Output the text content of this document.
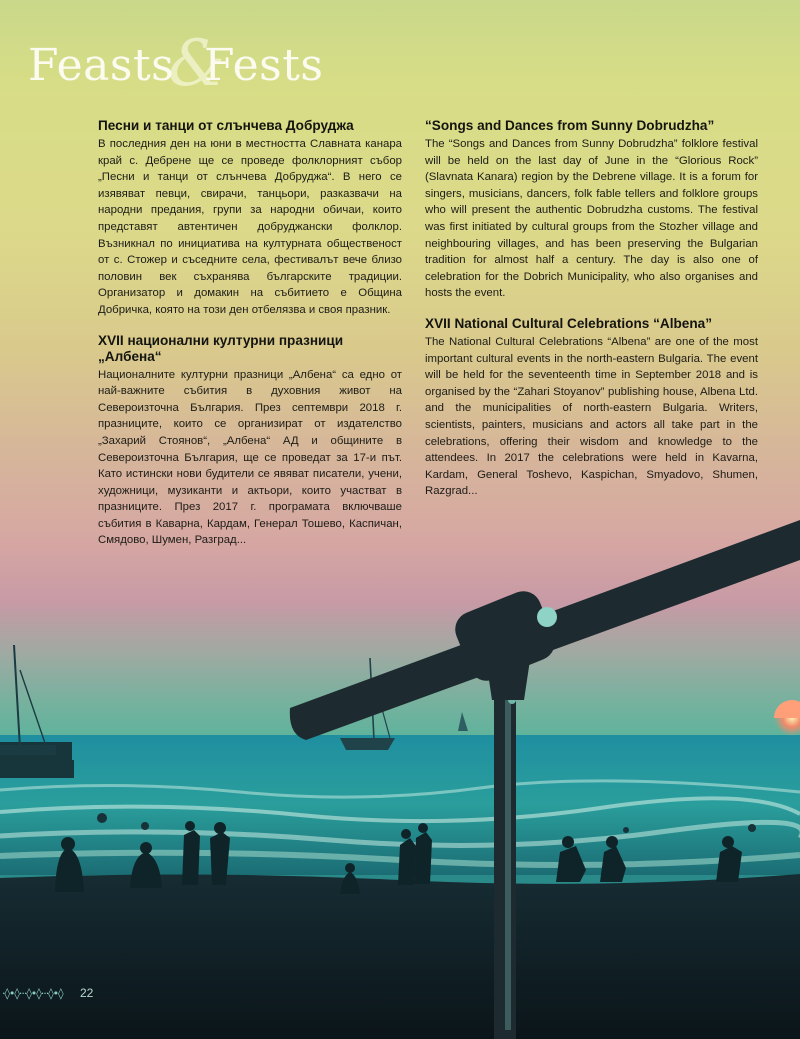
Feasts
&
Fests
Песни и танци от слънчева Добруджа

В последния ден на юни в местността Славната канара край с. Дебрене ще се проведе фолклорният събор „Песни и танци от слънчева Добруджа“. В него се изявяват певци, свирачи, танцьори, разказвачи на народни предания, групи за народни обичаи, които представят автентичен добруджански фолклор. Възникнал по инициатива на културната общественост от с. Стожер и съседните села, фестивалът вече близо половин век съхранява българските традиции. Организатор и домакин на събитието е Община Добричка, която на този ден отбелязва и своя празник.

XVII национални културни празници „Албена“

Националните културни празници „Албена“ са едно от най-важните събития в духовния живот на Североизточна България. През септември 2018 г. празниците, които се организират от издателство „Захарий Стоянов“, „Албена“ АД и общините в Североизточна България, ще се проведат за 17-и път. Като истински нови будители се явяват писатели, учени, художници, музиканти и актьори, които участват в празниците. През 2017 г. програмата включваше събития в Каварна, Кардам, Генерал Тошево, Каспичан, Смядово, Шумен, Разград...

“Songs and Dances from Sunny Dobrudzha”

The “Songs and Dances from Sunny Dobrudzha” folklore festival will be held on the last day of June in the “Glorious Rock” (Slavnata Kanara) region by the Debrene village. It is a forum for singers, musicians, dancers, folk fable tellers and folklore groups who will present the authentic Dobrudzha customs. The festival was first initiated by cultural groups from the Stozher village and neighbouring villages, and has been preserving the Bulgarian tradition for almost half a century. The day is also one of celebration for the Dobrich Municipality, who also organises and hosts the event.

XVII National Cultural Celebrations “Albena”

The National Cultural Celebrations “Albena” are one of the most important cultural events in the north-eastern Bulgaria. The event will be held for the seventeenth time in September 2018 and is organised by the “Zahari Stoyanov” publishing house, Albena Ltd. and the municipalities of north-eastern Bulgaria. Writers, scientists, painters, musicians and actors all take part in the celebrations, offering their wisdom and knowledge to the attendees. In 2017 the celebrations were held in Kavarna, Kardam, General Toshevo, Kaspichan, Smyadovo, Shumen, Razgrad...

·◊•◊···◊•◊···◊•◊ 22
